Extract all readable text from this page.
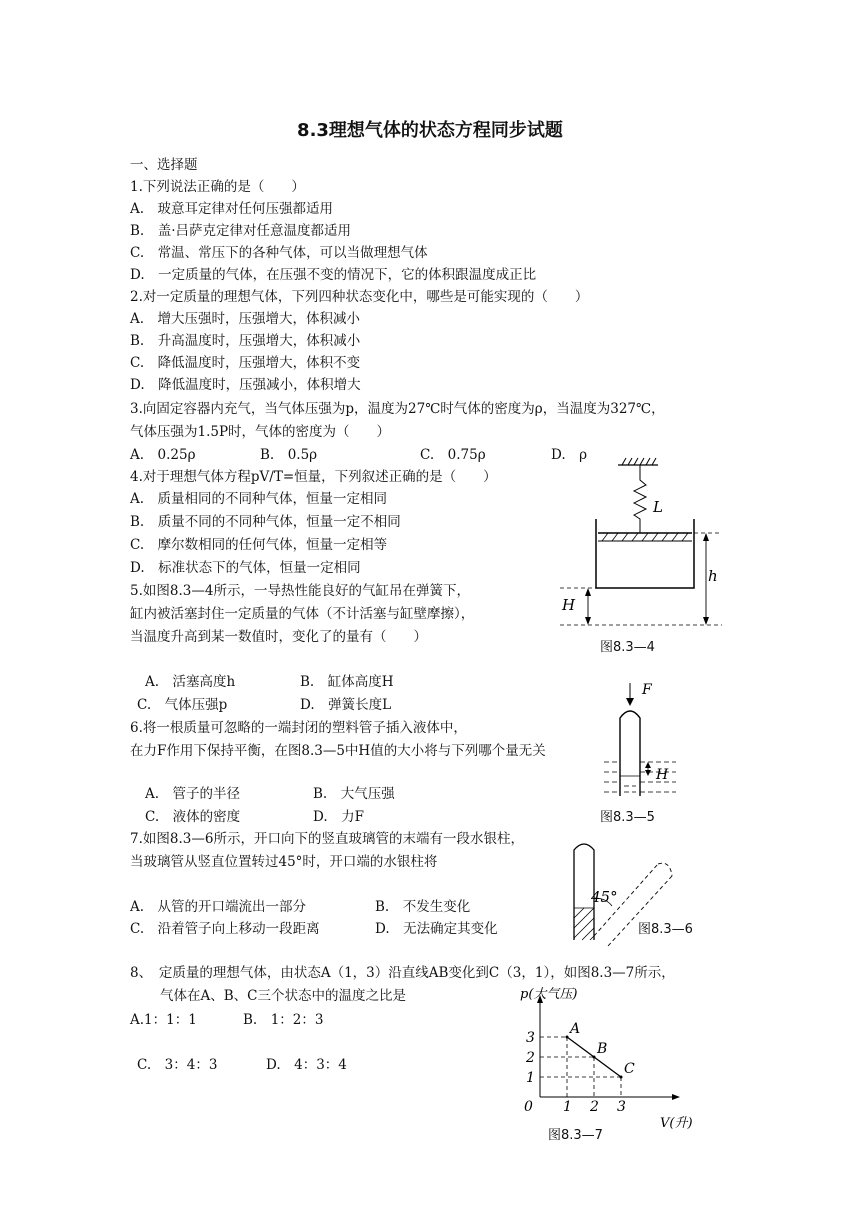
8.3理想气体的状态方程同步试题
一、选择题
1.下列说法正确的是（　　）
A.　玻意耳定律对任何压强都适用
B.　盖·吕萨克定律对任意温度都适用
C.　常温、常压下的各种气体，可以当做理想气体
D.　一定质量的气体，在压强不变的情况下，它的体积跟温度成正比
2.对一定质量的理想气体，下列四种状态变化中，哪些是可能实现的（　　）
A.　增大压强时，压强增大，体积减小
B.　升高温度时，压强增大，体积减小
C.　降低温度时，压强增大，体积不变
D.　降低温度时，压强减小，体积增大
3.向固定容器内充气，当气体压强为p，温度为27℃时气体的密度为ρ，当温度为327℃，
气体压强为1.5P时，气体的密度为（　　）
A.　0.25ρ	B.　0.5ρ	C.　0.75ρ	D.　ρ
4.对于理想气体方程pV/T=恒量，下列叙述正确的是（　　）
A.　质量相同的不同种气体，恒量一定相同
B.　质量不同的不同种气体，恒量一定不相同
C.　摩尔数相同的任何气体，恒量一定相等
D.　标准状态下的气体，恒量一定相同
5.如图8.3—4所示，一导热性能良好的气缸吊在弹簧下，
缸内被活塞封住一定质量的气体（不计活塞与缸壁摩擦），
当温度升高到某一数值时，变化了的量有（　　）
A.　活塞高度h	B.　缸体高度H
C.　气体压强p	D.　弹簧长度L
6.将一根质量可忽略的一端封闭的塑料管子插入液体中，
在力F作用下保持平衡，在图8.3—5中H值的大小将与下列哪个量无关
A.　管子的半径	B.　大气压强
C.　液体的密度	D.　力F
7.如图8.3—6所示，开口向下的竖直玻璃管的末端有一段水银柱，
当玻璃管从竖直位置转过45°时，开口端的水银柱将
A.　从管的开口端流出一部分	B.　不发生变化
C.　沿着管子向上移动一段距离	D.　无法确定其变化
8、　定质量的理想气体，由状态A（1，3）沿直线AB变化到C（3，1），如图8.3—7所示，
气体在A、B、C三个状态中的温度之比是
A.1：1：1	B.　1：2：3
C.　3：4：3	D.　4：3：4
L
h
H
图8.3—4
F
H
图8.3—5
45°
图8.3—6
p(大气压)
V(升)
0 1 2 3
1
2
3
A
B
C
图8.3—7
